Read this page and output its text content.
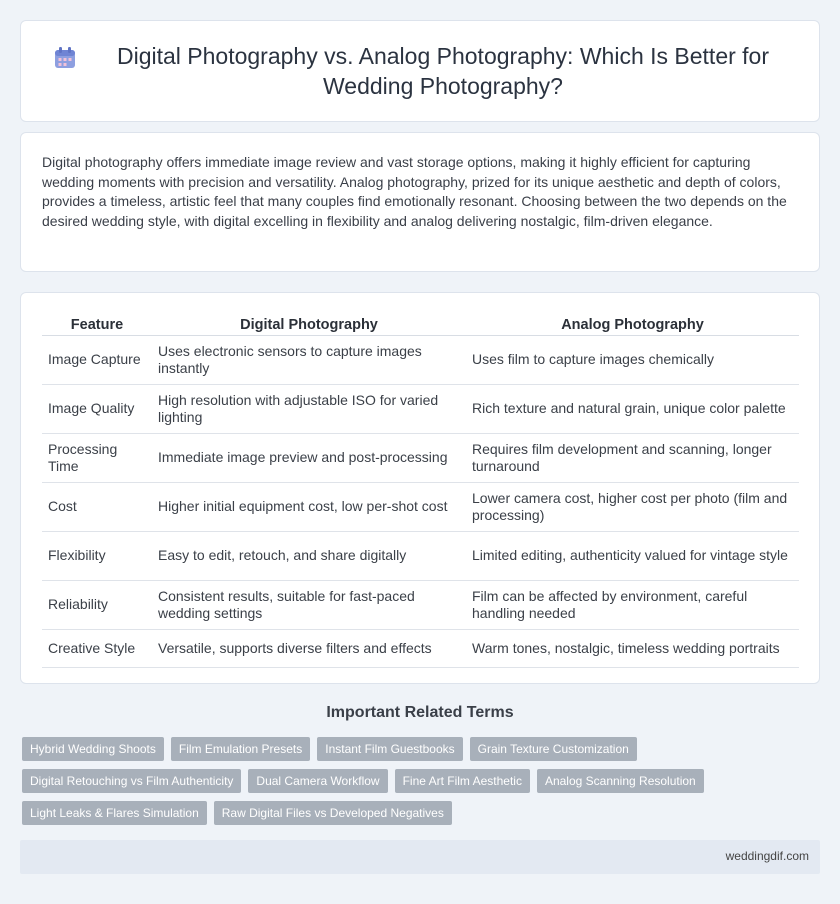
Digital Photography vs. Analog Photography: Which Is Better for Wedding Photography?

Digital photography offers immediate image review and vast storage options, making it highly efficient for capturing wedding moments with precision and versatility. Analog photography, prized for its unique aesthetic and depth of colors, provides a timeless, artistic feel that many couples find emotionally resonant. Choosing between the two depends on the desired wedding style, with digital excelling in flexibility and analog delivering nostalgic, film-driven elegance.

Feature	Digital Photography	Analog Photography
Image Capture	Uses electronic sensors to capture images instantly	Uses film to capture images chemically
Image Quality	High resolution with adjustable ISO for varied lighting	Rich texture and natural grain, unique color palette
Processing Time	Immediate image preview and post-processing	Requires film development and scanning, longer turnaround
Cost	Higher initial equipment cost, low per-shot cost	Lower camera cost, higher cost per photo (film and processing)
Flexibility	Easy to edit, retouch, and share digitally	Limited editing, authenticity valued for vintage style
Reliability	Consistent results, suitable for fast-paced wedding settings	Film can be affected by environment, careful handling needed
Creative Style	Versatile, supports diverse filters and effects	Warm tones, nostalgic, timeless wedding portraits
Important Related Terms
Hybrid Wedding Shoots	Film Emulation Presets	Instant Film Guestbooks	Grain Texture Customization
Digital Retouching vs Film Authenticity	Dual Camera Workflow	Fine Art Film Aesthetic	Analog Scanning Resolution
Light Leaks & Flares Simulation	Raw Digital Files vs Developed Negatives
weddingdif.com
